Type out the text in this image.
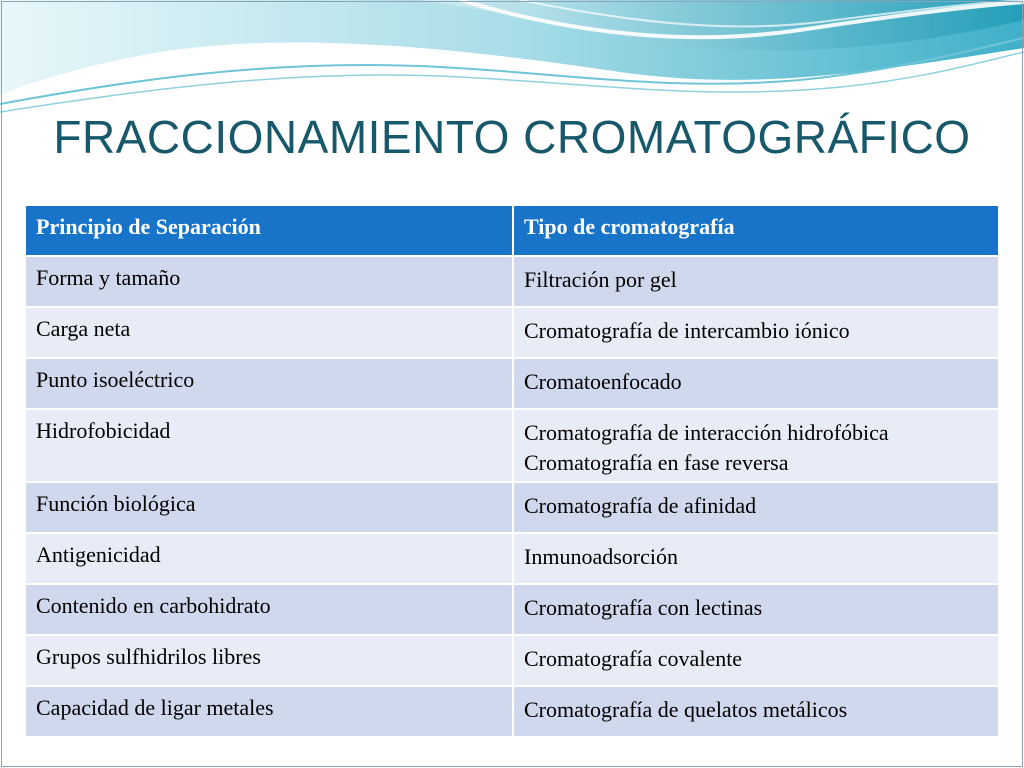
FRACCIONAMIENTO CROMATOGRÁFICO
Principio de Separación	Tipo de cromatografía
Forma y tamaño	Filtración por gel

Carga neta	Cromatografía de intercambio iónico

Punto isoeléctrico	Cromatoenfocado

Hidrofobicidad	Cromatografía de interacción hidrofóbica
Cromatografía en fase reversa

Función biológica	Cromatografía de afinidad

Antigenicidad	Inmunoadsorción

Contenido en carbohidrato	Cromatografía con lectinas

Grupos sulfhidrilos libres	Cromatografía covalente

Capacidad de ligar metales	Cromatografía de quelatos metálicos
